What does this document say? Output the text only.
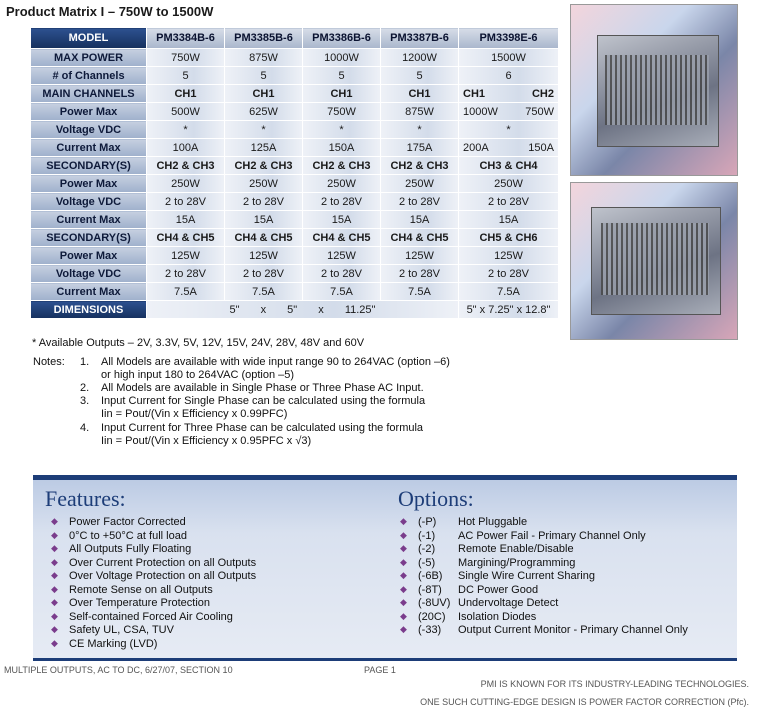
Product Matrix I – 750W to 1500W
MODEL	PM3384B-6	PM3385B-6	PM3386B-6	PM3387B-6	PM3398E-6
MAX POWER	750W	875W	1000W	1200W	1500W
# of Channels	5	5	5	5	6
MAIN CHANNELS	CH1	CH1	CH1	CH1	CH1 CH2

Power Max	500W	625W	750W	875W	1000W 750W

Voltage VDC	*	*	*	*	*
Current Max	100A	125A	150A	175A	200A 150A

SECONDARY(S)	CH2 & CH3	CH2 & CH3	CH2 & CH3	CH2 & CH3	CH3 & CH4
Power Max	250W	250W	250W	250W	250W
Voltage VDC	2 to 28V	2 to 28V	2 to 28V	2 to 28V	2 to 28V
Current Max	15A	15A	15A	15A	15A
SECONDARY(S)	CH4 & CH5	CH4 & CH5	CH4 & CH5	CH4 & CH5	CH5 & CH6
Power Max	125W	125W	125W	125W	125W
Voltage VDC	2 to 28V	2 to 28V	2 to 28V	2 to 28V	2 to 28V
Current Max	7.5A	7.5A	7.5A	7.5A	7.5A
DIMENSIONS	5" x 5" x 11.25"				5" x 7.25" x 12.8"
* Available Outputs – 2V, 3.3V, 5V, 12V, 15V, 24V, 28V, 48V and 60V
Notes: 1. All Models are available with wide input range 90 to 264VAC (option –6)
or high input 180 to 264VAC (option –5)
2. All Models are available in Single Phase or Three Phase AC Input.
3. Input Current for Single Phase can be calculated using the formula
Iin = Pout/(Vin x Efficiency x 0.99PFC)
4. Input Current for Three Phase can be calculated using the formula
Iin = Pout/(Vin x Efficiency x 0.95PFC x √3)
Features:	Options:
◆ Power Factor Corrected
◆ 0°C to +50°C at full load
◆ All Outputs Fully Floating
◆ Over Current Protection on all Outputs
◆ Over Voltage Protection on all Outputs
◆ Remote Sense on all Outputs
◆ Over Temperature Protection
◆ Self-contained Forced Air Cooling
◆ Safety UL, CSA, TUV
◆ CE Marking (LVD)
◆ (-P) Hot Pluggable
◆ (-1) AC Power Fail - Primary Channel Only
◆ (-2) Remote Enable/Disable
◆ (-5) Margining/Programming
◆ (-6B) Single Wire Current Sharing
◆ (-8T) DC Power Good
◆ (-8UV) Undervoltage Detect
◆ (20C) Isolation Diodes
◆ (-33) Output Current Monitor - Primary Channel Only
MULTIPLE OUTPUTS, AC TO DC, 6/27/07, SECTION 10	PAGE 1
PMI IS KNOWN FOR ITS INDUSTRY-LEADING TECHNOLOGIES.
ONE SUCH CUTTING-EDGE DESIGN IS POWER FACTOR CORRECTION (Pfc).
